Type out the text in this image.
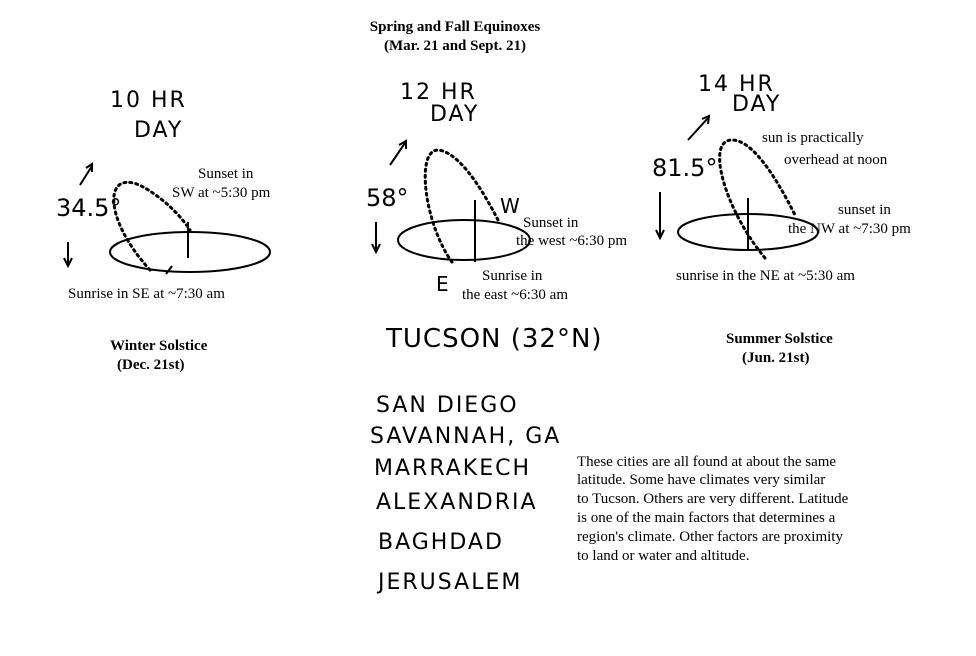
Spring and Fall Equinoxes
(Mar. 21 and Sept. 21)
10 HR
DAY
34.5°
Sunset in
SW at ~5:30 pm
Sunrise in SE at ~7:30 am
Winter Solstice
(Dec. 21st)
12 HR
DAY
58°	W
E
Sunset in
the west ~6:30 pm
Sunrise in
the east ~6:30 am
14 HR
DAY
81.5°
sun is practically
overhead at noon
sunset in
the NW at ~7:30 pm
sunrise in the NE at ~5:30 am
Summer Solstice
(Jun. 21st)
TUCSON (32°N)
SAN DIEGO
SAVANNAH, GA
MARRAKECH
ALEXANDRIA
BAGHDAD
JERUSALEM
These cities are all found at about the same
latitude. Some have climates very similar
to Tucson. Others are very different. Latitude
is one of the main factors that determines a
region's climate. Other factors are proximity
to land or water and altitude.
